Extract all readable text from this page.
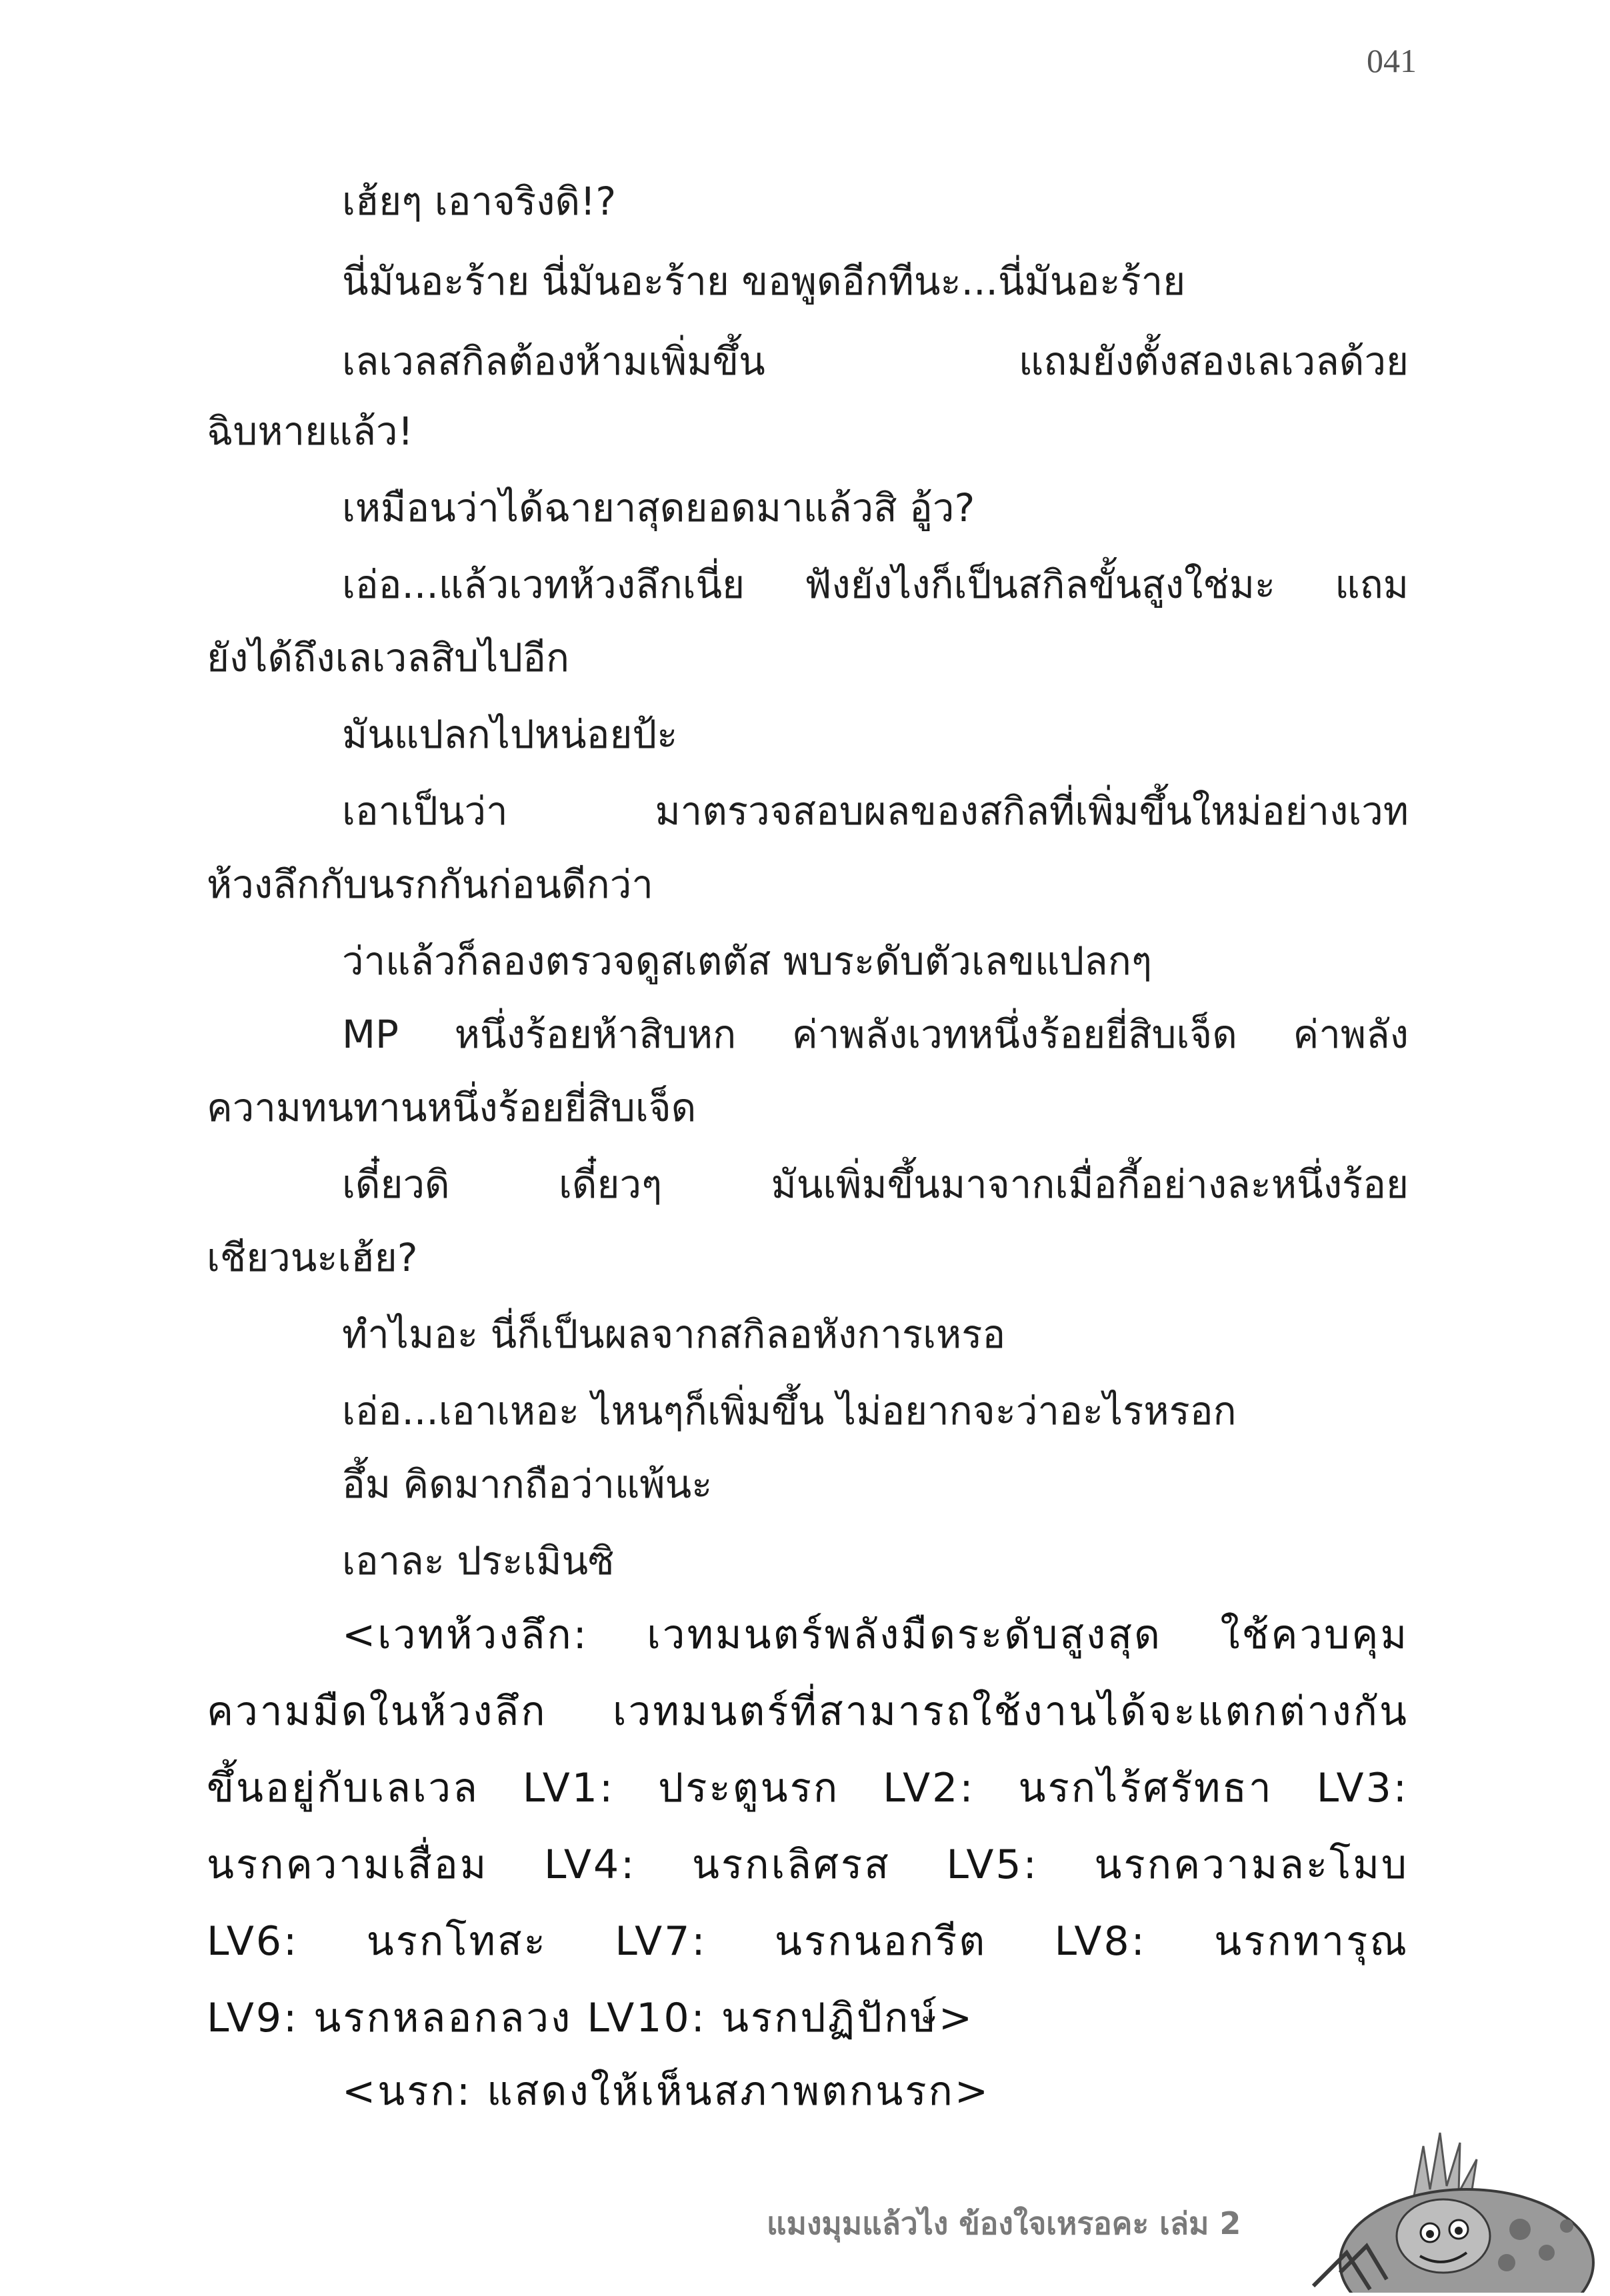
041
เฮ้ยๆ เอาจริงดิ!?
นี่มันอะร้าย นี่มันอะร้าย ขอพูดอีกทีนะ...นี่มันอะร้าย
เลเวลสกิลต้องห้ามเพิ่มขึ้น แถมยังตั้งสองเลเวลด้วย
ฉิบหายแล้ว!
เหมือนว่าได้ฉายาสุดยอดมาแล้วสิ อู้ว?
เอ่อ...แล้วเวทห้วงลึกเนี่ย ฟังยังไงก็เป็นสกิลขั้นสูงใช่มะ แถม
ยังได้ถึงเลเวลสิบไปอีก
มันแปลกไปหน่อยป้ะ
เอาเป็นว่า มาตรวจสอบผลของสกิลที่เพิ่มขึ้นใหม่อย่างเวท
ห้วงลึกกับนรกกันก่อนดีกว่า
ว่าแล้วก็ลองตรวจดูสเตตัส พบระดับตัวเลขแปลกๆ
MP หนึ่งร้อยห้าสิบหก ค่าพลังเวทหนึ่งร้อยยี่สิบเจ็ด ค่าพลัง
ความทนทานหนึ่งร้อยยี่สิบเจ็ด
เดี๋ยวดิ เดี๋ยวๆ มันเพิ่มขึ้นมาจากเมื่อกี้อย่างละหนึ่งร้อย
เชียวนะเฮ้ย?
ทำไมอะ นี่ก็เป็นผลจากสกิลอหังการเหรอ
เอ่อ...เอาเหอะ ไหนๆก็เพิ่มขึ้น ไม่อยากจะว่าอะไรหรอก
อึ้ม คิดมากถือว่าแพ้นะ
เอาละ ประเมินซิ
<เวทห้วงลึก: เวทมนตร์พลังมืดระดับสูงสุด ใช้ควบคุม
ความมืดในห้วงลึก เวทมนตร์ที่สามารถใช้งานได้จะแตกต่างกัน
ขึ้นอยู่กับเลเวล LV1: ประตูนรก LV2: นรกไร้ศรัทธา LV3:
นรกความเสื่อม LV4: นรกเลิศรส LV5: นรกความละโมบ
LV6: นรกโทสะ LV7: นรกนอกรีต LV8: นรกทารุณ
LV9: นรกหลอกลวง LV10: นรกปฏิปักษ์>
<นรก: แสดงให้เห็นสภาพตกนรก>
แมงมุมแล้วไง ข้องใจเหรอคะ เล่ม 2
